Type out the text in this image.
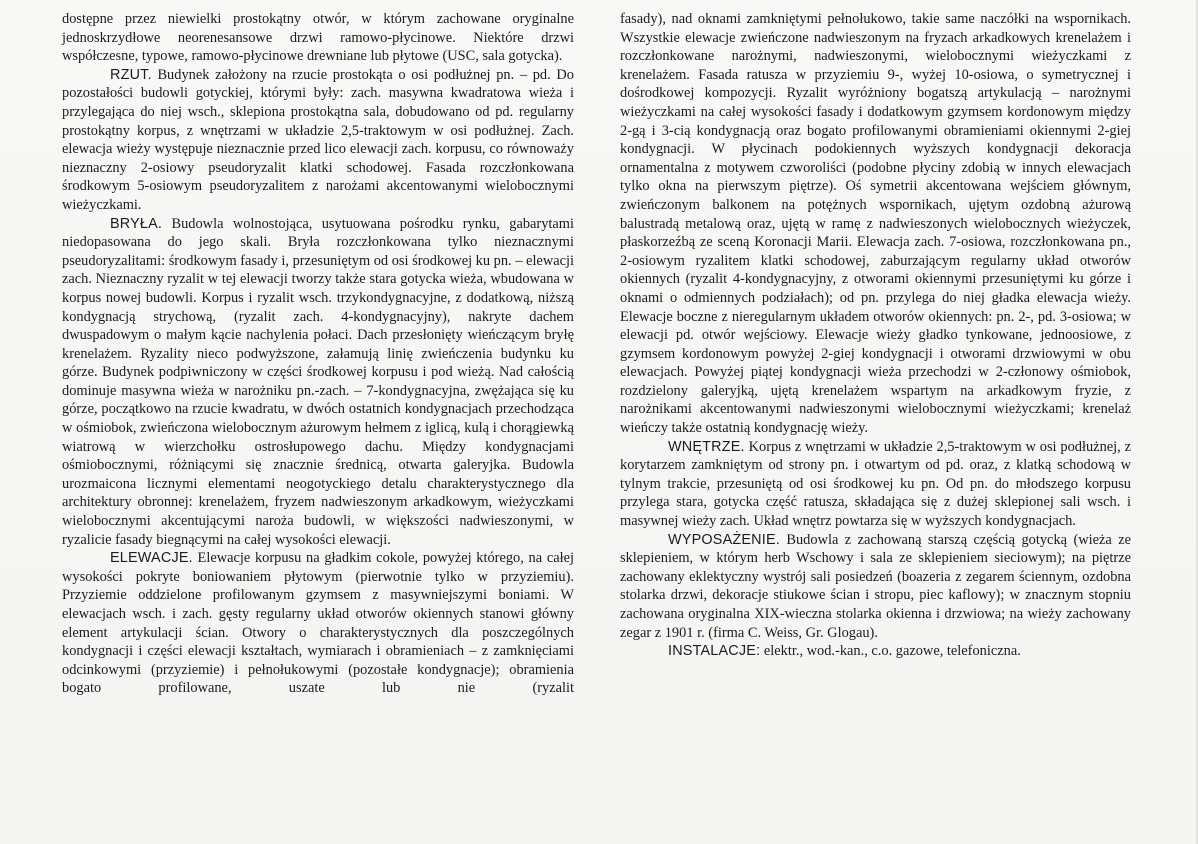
dostępne przez niewielki prostokątny otwór, w którym zachowane oryginalne jednoskrzydłowe neorenesansowe drzwi ramowo-płycinowe. Niektóre drzwi współczesne, typowe, ramowo-płycinowe drewniane lub płytowe (USC, sala gotycka).

RZUT. Budynek założony na rzucie prostokąta o osi podłużnej pn. – pd. Do pozostałości budowli gotyckiej, którymi były: zach. masywna kwadratowa wieża i przylegająca do niej wsch., sklepiona prostokątna sala, dobudowano od pd. regularny prostokątny korpus, z wnętrzami w układzie 2,5-traktowym w osi podłużnej. Zach. elewacja wieży występuje nieznacznie przed lico elewacji zach. korpusu, co równoważy nieznaczny 2-osiowy pseudoryzalit klatki schodowej. Fasada rozczłonkowana środkowym 5-osiowym pseudoryzalitem z narożami akcentowanymi wielobocznymi wieżyczkami.

BRYŁA. Budowla wolnostojąca, usytuowana pośrodku rynku, gabarytami niedopasowana do jego skali. Bryła rozczłonkowana tylko nieznacznymi pseudoryzalitami: środkowym fasady i, przesuniętym od osi środkowej ku pn. – elewacji zach. Nieznaczny ryzalit w tej elewacji tworzy także stara gotycka wieża, wbudowana w korpus nowej budowli. Korpus i ryzalit wsch. trzykondygnacyjne, z dodatkową, niższą kondygnacją strychową, (ryzalit zach. 4-kondygnacyjny), nakryte dachem dwuspadowym o małym kącie nachylenia połaci. Dach przesłonięty wieńczącym bryłę krenelażem. Ryzality nieco podwyższone, załamują linię zwieńczenia budynku ku górze. Budynek podpiwniczony w części środkowej korpusu i pod wieżą. Nad całością dominuje masywna wieża w narożniku pn.-zach. – 7-kondygnacyjna, zwężająca się ku górze, początkowo na rzucie kwadratu, w dwóch ostatnich kondygnacjach przechodząca w ośmiobok, zwieńczona wielobocznym ażurowym hełmem z iglicą, kulą i chorągiewką wiatrową w wierzchołku ostrosłupowego dachu. Między kondygnacjami ośmiobocznymi, różniącymi się znacznie średnicą, otwarta galeryjka. Budowla urozmaicona licznymi elementami neogotyckiego detalu charakterystycznego dla architektury obronnej: krenelażem, fryzem nadwieszonym arkadkowym, wieżyczkami wielobocznymi akcentującymi naroża budowli, w większości nadwieszonymi, w ryzalicie fasady biegnącymi na całej wysokości elewacji.

ELEWACJE. Elewacje korpusu na gładkim cokole, powyżej którego, na całej wysokości pokryte boniowaniem płytowym (pierwotnie tylko w przyziemiu). Przyziemie oddzielone profilowanym gzymsem z masywniejszymi boniami. W elewacjach wsch. i zach. gęsty regularny układ otworów okiennych stanowi główny element artykulacji ścian. Otwory o charakterystycznych dla poszczególnych kondygnacji i części elewacji kształtach, wymiarach i obramieniach – z zamknięciami odcinkowymi (przyziemie) i pełnołukowymi (pozostałe kondygnacje); obramienia bogato profilowane, uszate lub nie (ryzalit

fasady), nad oknami zamkniętymi pełnołukowo, takie same naczółki na wspornikach. Wszystkie elewacje zwieńczone nadwieszonym na fryzach arkadkowych krenelażem i rozczłonkowane narożnymi, nadwieszonymi, wielobocznymi wieżyczkami z krenelażem. Fasada ratusza w przyziemiu 9-, wyżej 10-osiowa, o symetrycznej i dośrodkowej kompozycji. Ryzalit wyróżniony bogatszą artykulacją – narożnymi wieżyczkami na całej wysokości fasady i dodatkowym gzymsem kordonowym między 2-gą i 3-cią kondygnacją oraz bogato profilowanymi obramieniami okiennymi 2-giej kondygnacji. W płycinach podokiennych wyższych kondygnacji dekoracja ornamentalna z motywem czworoliści (podobne płyciny zdobią w innych elewacjach tylko okna na pierwszym piętrze). Oś symetrii akcentowana wejściem głównym, zwieńczonym balkonem na potężnych wspornikach, ujętym ozdobną ażurową balustradą metalową oraz, ujętą w ramę z nadwieszonych wielobocznych wieżyczek, płaskorzeźbą ze sceną Koronacji Marii. Elewacja zach. 7-osiowa, rozczłonkowana pn., 2-osiowym ryzalitem klatki schodowej, zaburzającym regularny układ otworów okiennych (ryzalit 4-kondygnacyjny, z otworami okiennymi przesuniętymi ku górze i oknami o odmiennych podziałach); od pn. przylega do niej gładka elewacja wieży. Elewacje boczne z nieregularnym układem otworów okiennych: pn. 2-, pd. 3-osiowa; w elewacji pd. otwór wejściowy. Elewacje wieży gładko tynkowane, jednoosiowe, z gzymsem kordonowym powyżej 2-giej kondygnacji i otworami drzwiowymi w obu elewacjach. Powyżej piątej kondygnacji wieża przechodzi w 2-członowy ośmiobok, rozdzielony galeryjką, ujętą krenelażem wspartym na arkadkowym fryzie, z narożnikami akcentowanymi nadwieszonymi wielobocznymi wieżyczkami; krenelaż wieńczy także ostatnią kondygnację wieży.

WNĘTRZE. Korpus z wnętrzami w układzie 2,5-traktowym w osi podłużnej, z korytarzem zamkniętym od strony pn. i otwartym od pd. oraz, z klatką schodową w tylnym trakcie, przesuniętą od osi środkowej ku pn. Od pn. do młodszego korpusu przylega stara, gotycka część ratusza, składająca się z dużej sklepionej sali wsch. i masywnej wieży zach. Układ wnętrz powtarza się w wyższych kondygnacjach.

WYPOSAŻENIE. Budowla z zachowaną starszą częścią gotycką (wieża ze sklepieniem, w którym herb Wschowy i sala ze sklepieniem sieciowym); na piętrze zachowany eklektyczny wystrój sali posiedzeń (boazeria z zegarem ściennym, ozdobna stolarka drzwi, dekoracje stiukowe ścian i stropu, piec kaflowy); w znacznym stopniu zachowana oryginalna XIX-wieczna stolarka okienna i drzwiowa; na wieży zachowany zegar z 1901 r. (firma C. Weiss, Gr. Glogau).

INSTALACJE: elektr., wod.-kan., c.o. gazowe, telefoniczna.
